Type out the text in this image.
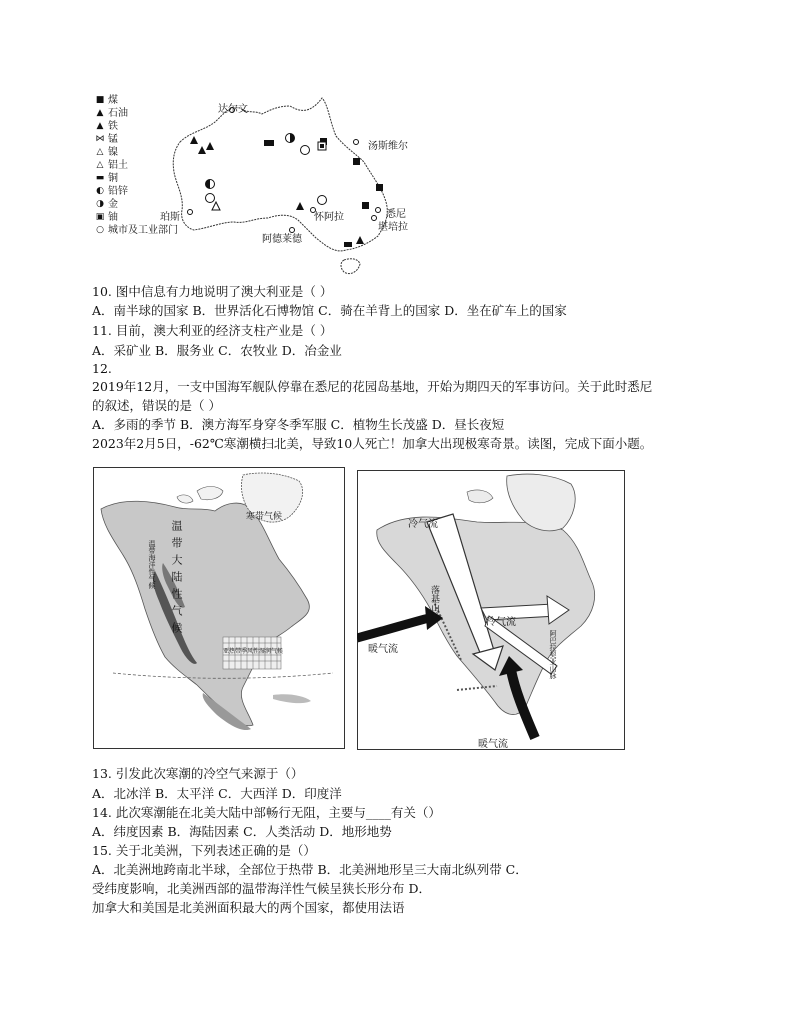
■ 煤
▲ 石油
▲ 铁
⋈ 锰
△ 镍
△ 铝土
▬ 铜
◐ 铅锌
◑ 金
▣ 铀
○ 城市及工业部门
达尔文
汤斯维尔
珀斯	怀阿拉	悉尼
堪培拉
阿德莱德
10. 图中信息有力地说明了澳大利亚是（ ）
A．南半球的国家 B．世界活化石博物馆 C．骑在羊背上的国家 D．坐在矿车上的国家
11. 目前，澳大利亚的经济支柱产业是（ ）
A．采矿业 B．服务业 C．农牧业 D．冶金业
12.
2019年12月，一支中国海军舰队停靠在悉尼的花园岛基地，开始为期四天的军事访问。关于此时悉尼
的叙述，错误的是（ ）
A．多雨的季节 B．澳方海军身穿冬季军服 C．植物生长茂盛 D．昼长夜短
2023年2月5日，-62℃寒潮横扫北美，导致10人死亡！加拿大出现极寒奇景。读图，完成下面小题。
寒带气候
温带大陆性气候
亚热带季风性湿润气候
温带海洋性气候
冷气流
冷气流
暖气流
暖气流
落基山脉
阿巴拉契亚山脉
13. 引发此次寒潮的冷空气来源于（）
A．北冰洋 B．太平洋 C．大西洋 D．印度洋
14. 此次寒潮能在北美大陆中部畅行无阻，主要与____有关（）
A．纬度因素 B．海陆因素 C．人类活动 D．地形地势
15. 关于北美洲，下列表述正确的是（）
A．北美洲地跨南北半球，全部位于热带 B．北美洲地形呈三大南北纵列带 C．
受纬度影响，北美洲西部的温带海洋性气候呈狭长形分布 D．
加拿大和美国是北美洲面积最大的两个国家，都使用法语
